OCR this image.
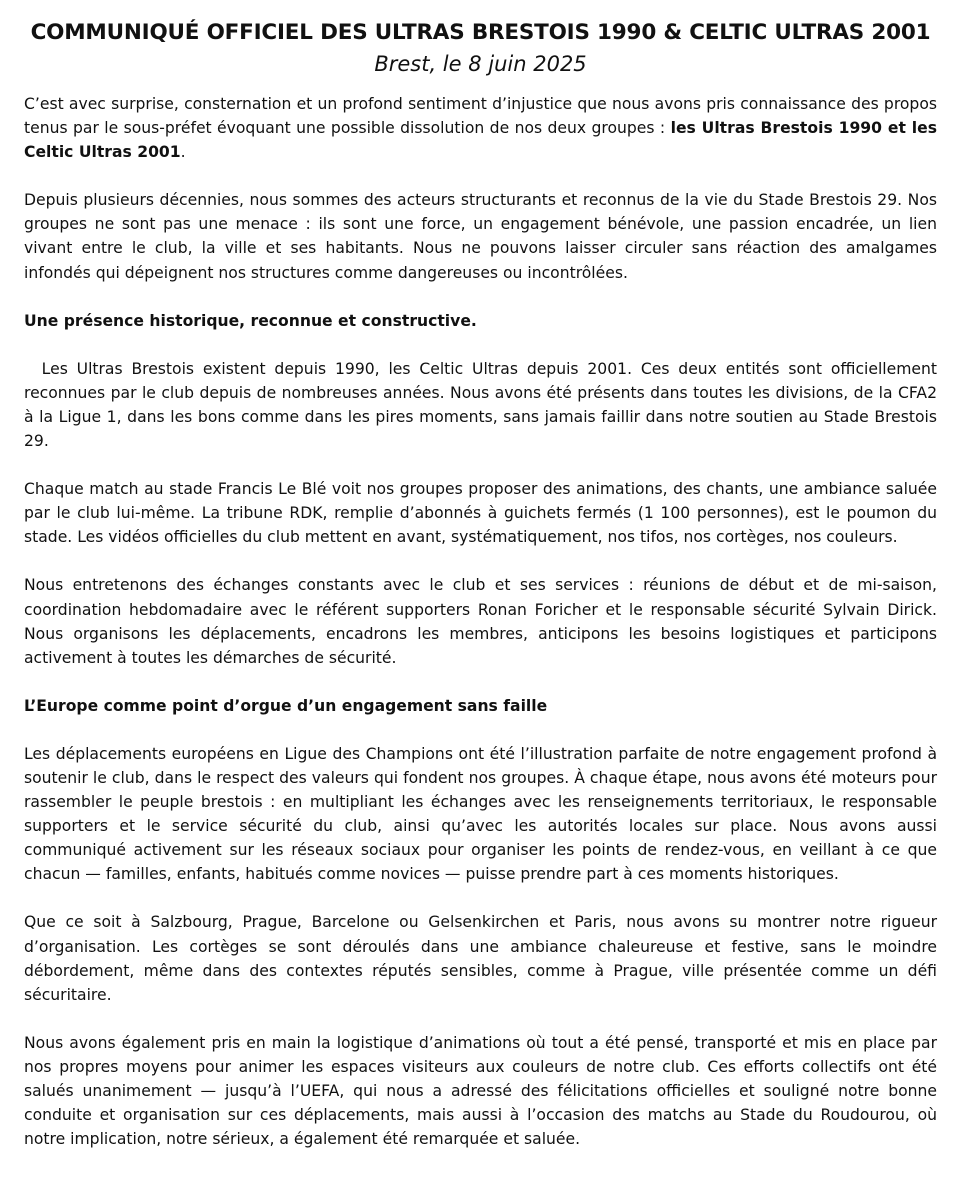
COMMUNIQUÉ OFFICIEL DES ULTRAS BRESTOIS 1990 & CELTIC ULTRAS 2001
Brest, le 8 juin 2025

C’est avec surprise, consternation et un profond sentiment d’injustice que nous avons pris connaissance des propos tenus par le sous-préfet évoquant une possible dissolution de nos deux groupes : les Ultras Brestois 1990 et les Celtic Ultras 2001.

Depuis plusieurs décennies, nous sommes des acteurs structurants et reconnus de la vie du Stade Brestois 29. Nos groupes ne sont pas une menace : ils sont une force, un engagement bénévole, une passion encadrée, un lien vivant entre le club, la ville et ses habitants. Nous ne pouvons laisser circuler sans réaction des amalgames infondés qui dépeignent nos structures comme dangereuses ou incontrôlées.

Une présence historique, reconnue et constructive.

Les Ultras Brestois existent depuis 1990, les Celtic Ultras depuis 2001. Ces deux entités sont officiellement reconnues par le club depuis de nombreuses années. Nous avons été présents dans toutes les divisions, de la CFA2 à la Ligue 1, dans les bons comme dans les pires moments, sans jamais faillir dans notre soutien au Stade Brestois 29.

Chaque match au stade Francis Le Blé voit nos groupes proposer des animations, des chants, une ambiance saluée par le club lui-même. La tribune RDK, remplie d’abonnés à guichets fermés (1 100 personnes), est le poumon du stade. Les vidéos officielles du club mettent en avant, systématiquement, nos tifos, nos cortèges, nos couleurs.

Nous entretenons des échanges constants avec le club et ses services : réunions de début et de mi-saison, coordination hebdomadaire avec le référent supporters Ronan Foricher et le responsable sécurité Sylvain Dirick. Nous organisons les déplacements, encadrons les membres, anticipons les besoins logistiques et participons activement à toutes les démarches de sécurité.

L’Europe comme point d’orgue d’un engagement sans faille

Les déplacements européens en Ligue des Champions ont été l’illustration parfaite de notre engagement profond à soutenir le club, dans le respect des valeurs qui fondent nos groupes. À chaque étape, nous avons été moteurs pour rassembler le peuple brestois : en multipliant les échanges avec les renseignements territoriaux, le responsable supporters et le service sécurité du club, ainsi qu’avec les autorités locales sur place. Nous avons aussi communiqué activement sur les réseaux sociaux pour organiser les points de rendez-vous, en veillant à ce que chacun — familles, enfants, habitués comme novices — puisse prendre part à ces moments historiques.

Que ce soit à Salzbourg, Prague, Barcelone ou Gelsenkirchen et Paris, nous avons su montrer notre rigueur d’organisation. Les cortèges se sont déroulés dans une ambiance chaleureuse et festive, sans le moindre débordement, même dans des contextes réputés sensibles, comme à Prague, ville présentée comme un défi sécuritaire.

Nous avons également pris en main la logistique d’animations où tout a été pensé, transporté et mis en place par nos propres moyens pour animer les espaces visiteurs aux couleurs de notre club. Ces efforts collectifs ont été salués unanimement — jusqu’à l’UEFA, qui nous a adressé des félicitations officielles et souligné notre bonne conduite et organisation sur ces déplacements, mais aussi à l’occasion des matchs au Stade du Roudourou, où notre implication, notre sérieux, a également été remarquée et saluée.
